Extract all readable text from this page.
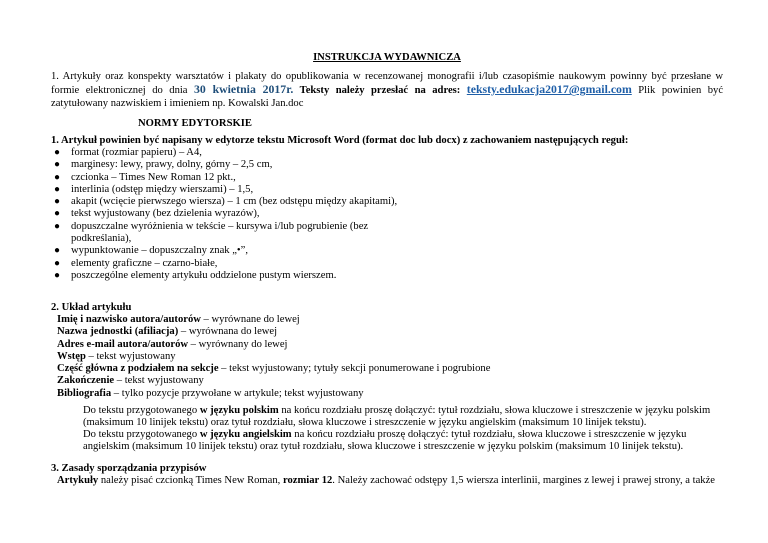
INSTRUKCJA WYDAWNICZA
1. Artykuły oraz konspekty warsztatów i plakaty do opublikowania w recenzowanej monografii i/lub czasopiśmie naukowym powinny być przesłane w formie elektronicznej do dnia 30 kwietnia 2017r. Teksty należy przesłać na adres: teksty.edukacja2017@gmail.com Plik powinien być zatytułowany nazwiskiem i imieniem np. Kowalski Jan.doc
NORMY EDYTORSKIE
1. Artykuł powinien być napisany w edytorze tekstu Microsoft Word (format doc lub docx) z zachowaniem następujących reguł:
● format (rozmiar papieru) – A4,
● marginesy: lewy, prawy, dolny, górny – 2,5 cm,
● czcionka – Times New Roman 12 pkt.,
● interlinia (odstęp między wierszami) – 1,5,
● akapit (wcięcie pierwszego wiersza) – 1 cm (bez odstępu między akapitami),
● tekst wyjustowany (bez dzielenia wyrazów),
● dopuszczalne wyróżnienia w tekście – kursywa i/lub pogrubienie (bez podkreślania),
● wypunktowanie – dopuszczalny znak „•”,
● elementy graficzne – czarno-białe,
● poszczególne elementy artykułu oddzielone pustym wierszem.
2. Układ artykułu
Imię i nazwisko autora/autorów – wyrównane do lewej
Nazwa jednostki (afiliacja) – wyrównana do lewej
Adres e-mail autora/autorów – wyrównany do lewej
Wstęp – tekst wyjustowany
Część główna z podziałem na sekcje – tekst wyjustowany; tytuły sekcji ponumerowane i pogrubione
Zakończenie – tekst wyjustowany
Bibliografia – tylko pozycje przywołane w artykule; tekst wyjustowany
Do tekstu przygotowanego w języku polskim na końcu rozdziału proszę dołączyć: tytuł rozdziału, słowa kluczowe i streszczenie w języku polskim (maksimum 10 linijek tekstu) oraz tytuł rozdziału, słowa kluczowe i streszczenie w języku angielskim (maksimum 10 linijek tekstu).
Do tekstu przygotowanego w języku angielskim na końcu rozdziału proszę dołączyć: tytuł rozdziału, słowa kluczowe i streszczenie w języku angielskim (maksimum 10 linijek tekstu) oraz tytuł rozdziału, słowa kluczowe i streszczenie w języku polskim (maksimum 10 linijek tekstu).
3. Zasady sporządzania przypisów
Artykuły należy pisać czcionką Times New Roman, rozmiar 12. Należy zachować odstępy 1,5 wiersza interlinii, margines z lewej i prawej strony, a także
